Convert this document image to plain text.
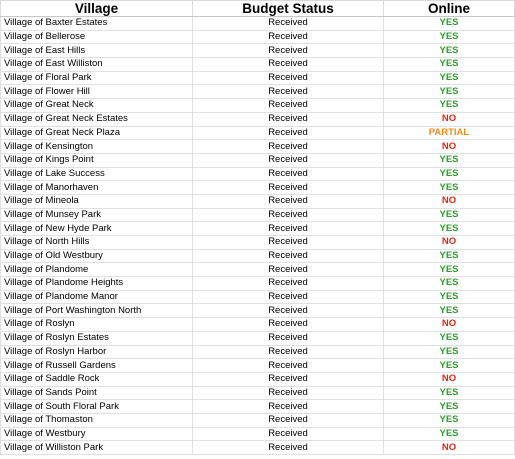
Village	Budget Status	Online
Village of Baxter Estates	Received	YES
Village of Bellerose	Received	YES
Village of East Hills	Received	YES
Village of East Williston	Received	YES
Village of Floral Park	Received	YES
Village of Flower Hill	Received	YES
Village of Great Neck	Received	YES
Village of Great Neck Estates	Received	NO
Village of Great Neck Plaza	Received	PARTIAL
Village of Kensington	Received	NO
Village of Kings Point	Received	YES
Village of Lake Success	Received	YES
Village of Manorhaven	Received	YES
Village of Mineola	Received	NO
Village of Munsey Park	Received	YES
Village of New Hyde Park	Received	YES
Village of North Hills	Received	NO
Village of Old Westbury	Received	YES
Village of Plandome	Received	YES
Village of Plandome Heights	Received	YES
Village of Plandome Manor	Received	YES
Village of Port Washington North	Received	YES
Village of Roslyn	Received	NO
Village of Roslyn Estates	Received	YES
Village of Roslyn Harbor	Received	YES
Village of Russell Gardens	Received	YES
Village of Saddle Rock	Received	NO
Village of Sands Point	Received	YES
Village of South Floral Park	Received	YES
Village of Thomaston	Received	YES
Village of Westbury	Received	YES
Village of Williston Park	Received	NO
